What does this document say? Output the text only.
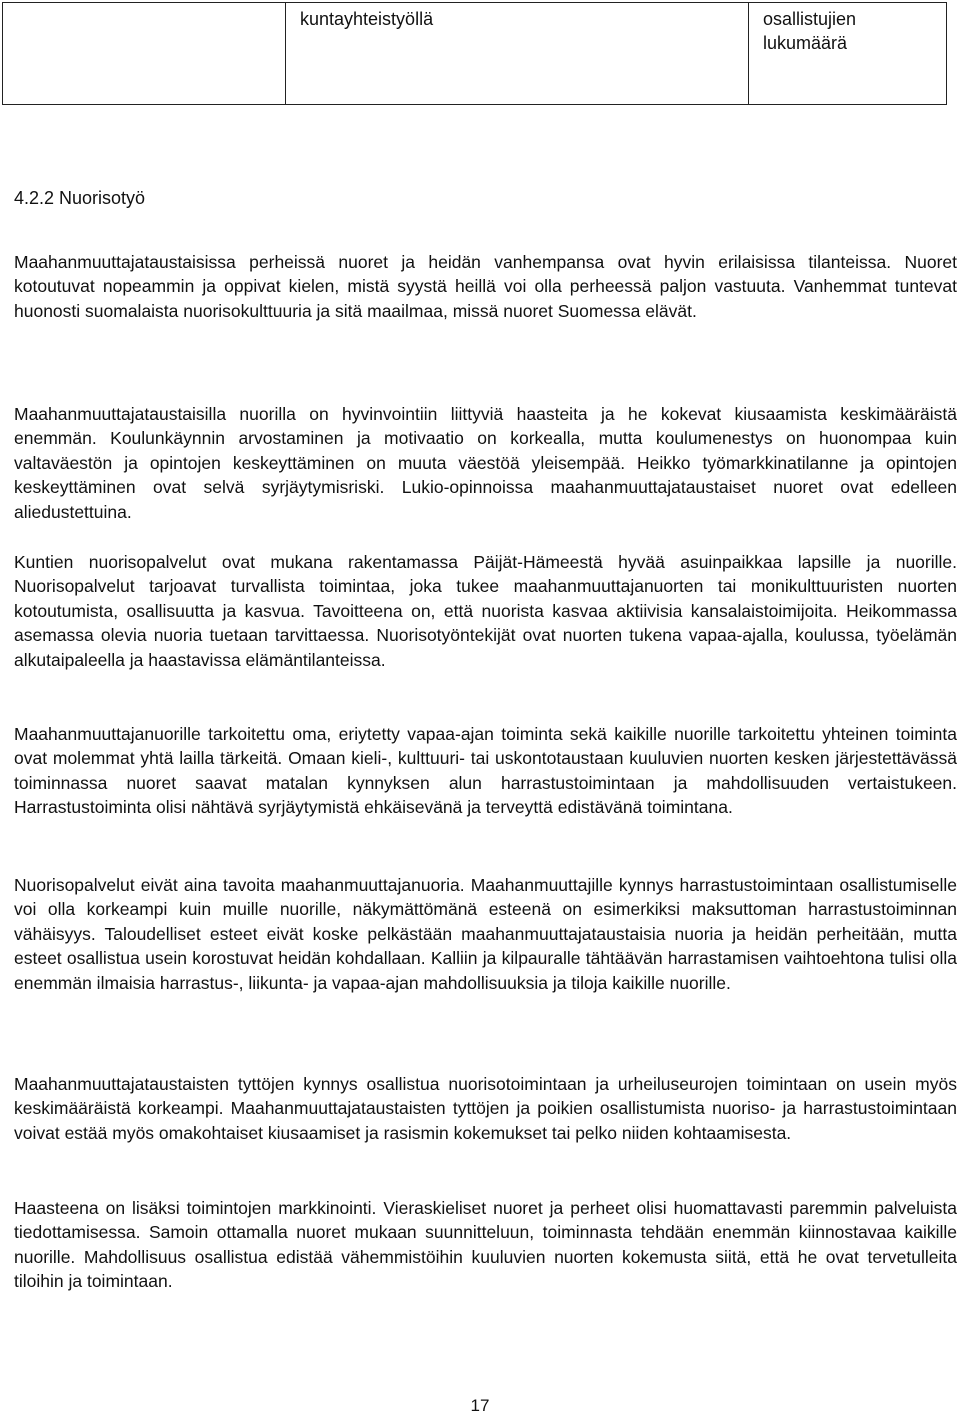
kuntayhteistyöllä	osallistujien lukumäärä
4.2.2 Nuorisotyö

Maahanmuuttajataustaisissa perheissä nuoret ja heidän vanhempansa ovat hyvin erilaisissa tilanteissa. Nuoret kotoutuvat nopeammin ja oppivat kielen, mistä syystä heillä voi olla perheessä paljon vastuuta. Vanhemmat tuntevat huonosti suomalaista nuorisokulttuuria ja sitä maailmaa, missä nuoret Suomessa elävät.

Maahanmuuttajataustaisilla nuorilla on hyvinvointiin liittyviä haasteita ja he kokevat kiusaamista keskimääräistä enemmän. Koulunkäynnin arvostaminen ja motivaatio on korkealla, mutta koulumenestys on huonompaa kuin valtaväestön ja opintojen keskeyttäminen on muuta väestöä yleisempää. Heikko työmarkkinatilanne ja opintojen keskeyttäminen ovat selvä syrjäytymisriski. Lukio-opinnoissa maahanmuuttajataustaiset nuoret ovat edelleen aliedustettuina.

Kuntien nuorisopalvelut ovat mukana rakentamassa Päijät-Hämeestä hyvää asuinpaikkaa lapsille ja nuorille. Nuorisopalvelut tarjoavat turvallista toimintaa, joka tukee maahanmuuttajanuorten tai monikulttuuristen nuorten kotoutumista, osallisuutta ja kasvua. Tavoitteena on, että nuorista kasvaa aktiivisia kansalaistoimijoita. Heikommassa asemassa olevia nuoria tuetaan tarvittaessa. Nuorisotyöntekijät ovat nuorten tukena vapaa-ajalla, koulussa, työelämän alkutaipaleella ja haastavissa elämäntilanteissa.

Maahanmuuttajanuorille tarkoitettu oma, eriytetty vapaa-ajan toiminta sekä kaikille nuorille tarkoitettu yhteinen toiminta ovat molemmat yhtä lailla tärkeitä. Omaan kieli-, kulttuuri- tai uskontotaustaan kuuluvien nuorten kesken järjestettävässä toiminnassa nuoret saavat matalan kynnyksen alun harrastustoimintaan ja mahdollisuuden vertaistukeen. Harrastustoiminta olisi nähtävä syrjäytymistä ehkäisevänä ja terveyttä edistävänä toimintana.

Nuorisopalvelut eivät aina tavoita maahanmuuttajanuoria. Maahanmuuttajille kynnys harrastustoimintaan osallistumiselle voi olla korkeampi kuin muille nuorille, näkymättömänä esteenä on esimerkiksi maksuttoman harrastustoiminnan vähäisyys. Taloudelliset esteet eivät koske pelkästään maahanmuuttajataustaisia nuoria ja heidän perheitään, mutta esteet osallistua usein korostuvat heidän kohdallaan. Kalliin ja kilpauralle tähtäävän harrastamisen vaihtoehtona tulisi olla enemmän ilmaisia harrastus-, liikunta- ja vapaa-ajan mahdollisuuksia ja tiloja kaikille nuorille.

Maahanmuuttajataustaisten tyttöjen kynnys osallistua nuorisotoimintaan ja urheiluseurojen toimintaan on usein myös keskimääräistä korkeampi. Maahanmuuttajataustaisten tyttöjen ja poikien osallistumista nuoriso- ja harrastustoimintaan voivat estää myös omakohtaiset kiusaamiset ja rasismin kokemukset tai pelko niiden kohtaamisesta.

Haasteena on lisäksi toimintojen markkinointi. Vieraskieliset nuoret ja perheet olisi huomattavasti paremmin palveluista tiedottamisessa. Samoin ottamalla nuoret mukaan suunnitteluun, toiminnasta tehdään enemmän kiinnostavaa kaikille nuorille. Mahdollisuus osallistua edistää vähemmistöihin kuuluvien nuorten kokemusta siitä, että he ovat tervetulleita tiloihin ja toimintaan.

17
